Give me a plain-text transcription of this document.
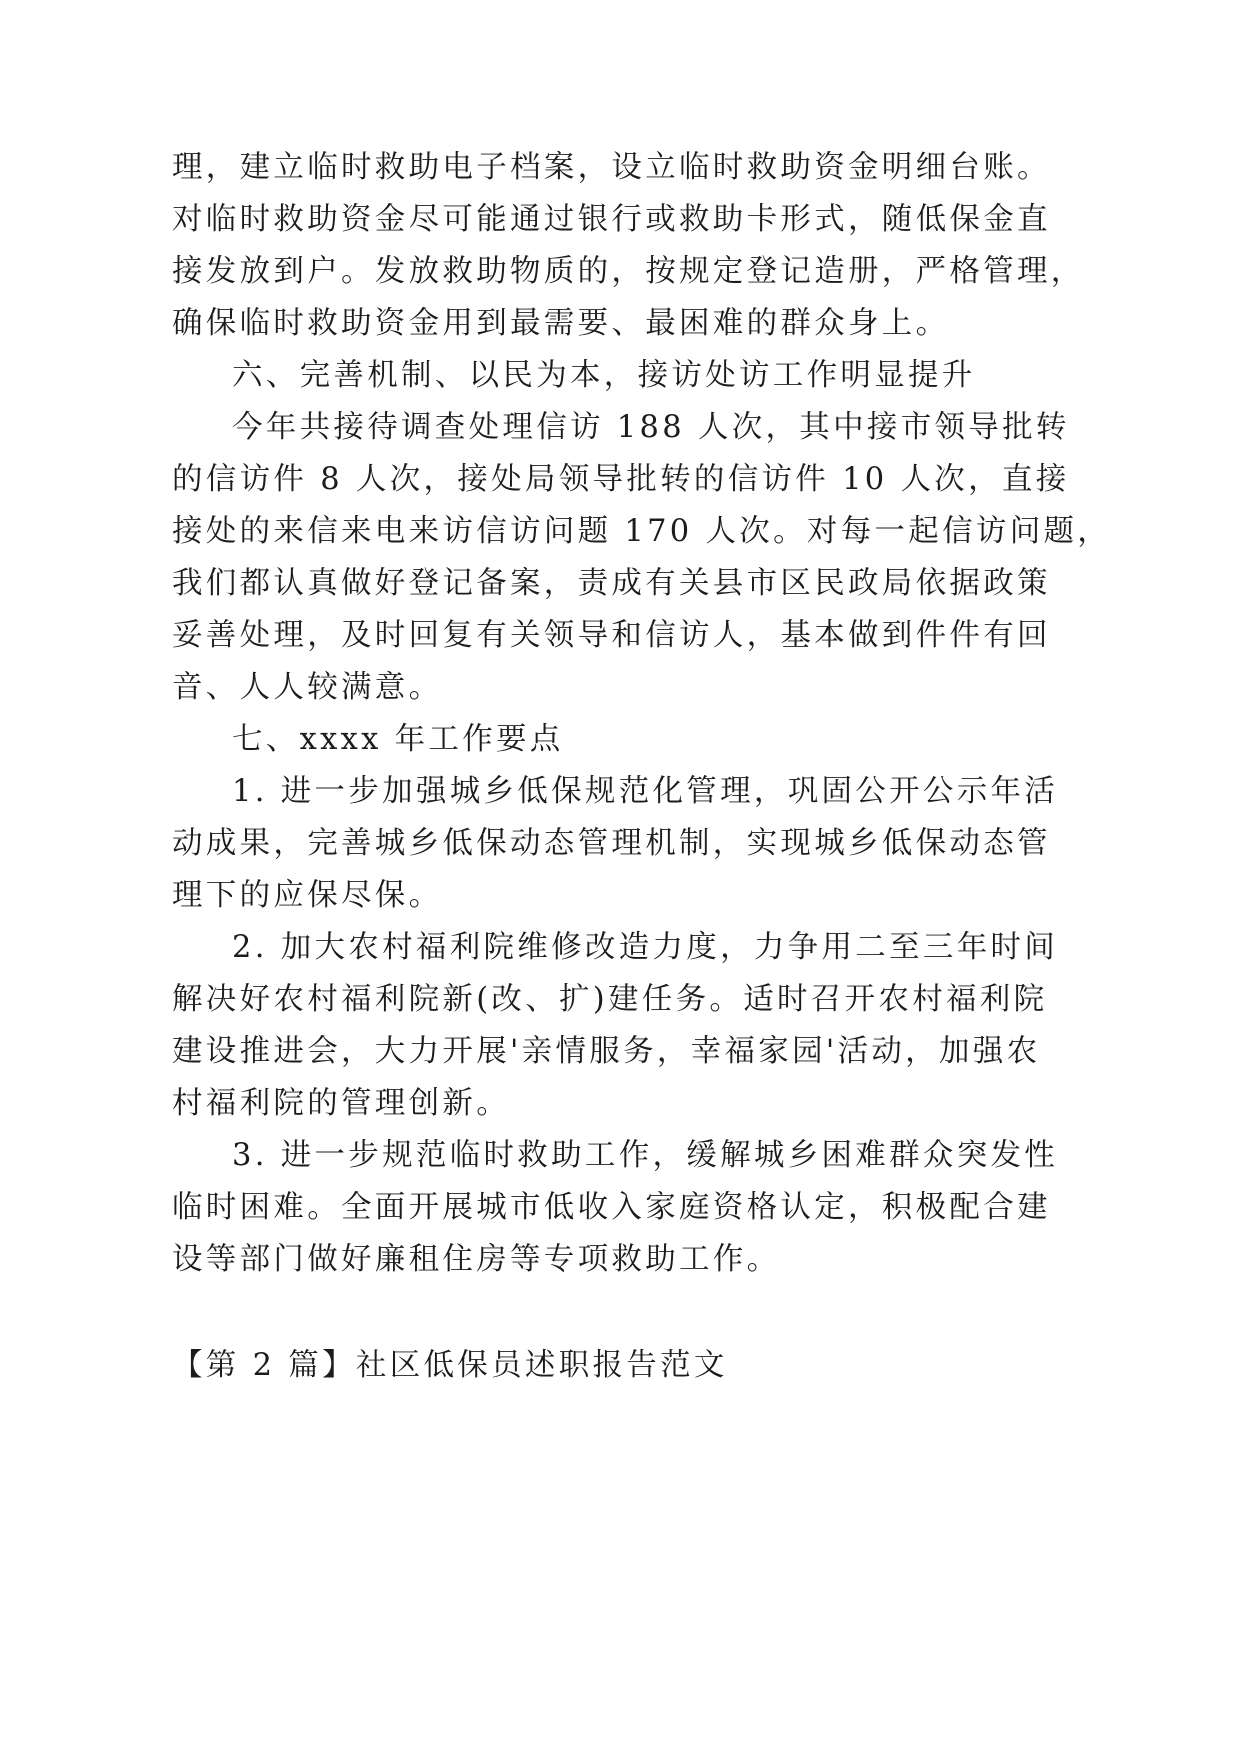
理，建立临时救助电子档案，设立临时救助资金明细台账。

对临时救助资金尽可能通过银行或救助卡形式，随低保金直

接发放到户。发放救助物质的，按规定登记造册，严格管理，

确保临时救助资金用到最需要、最困难的群众身上。

六、完善机制、以民为本，接访处访工作明显提升

今年共接待调查处理信访 188 人次，其中接市领导批转

的信访件 8 人次，接处局领导批转的信访件 10 人次，直接

接处的来信来电来访信访问题 170 人次。对每一起信访问题，

我们都认真做好登记备案，责成有关县市区民政局依据政策

妥善处理，及时回复有关领导和信访人，基本做到件件有回

音、人人较满意。

七、xxxx 年工作要点

1. 进一步加强城乡低保规范化管理，巩固公开公示年活

动成果，完善城乡低保动态管理机制，实现城乡低保动态管

理下的应保尽保。

2. 加大农村福利院维修改造力度，力争用二至三年时间

解决好农村福利院新(改、扩)建任务。适时召开农村福利院

建设推进会，大力开展'亲情服务，幸福家园'活动，加强农

村福利院的管理创新。

3. 进一步规范临时救助工作，缓解城乡困难群众突发性

临时困难。全面开展城市低收入家庭资格认定，积极配合建

设等部门做好廉租住房等专项救助工作。

【第 2 篇】社区低保员述职报告范文
